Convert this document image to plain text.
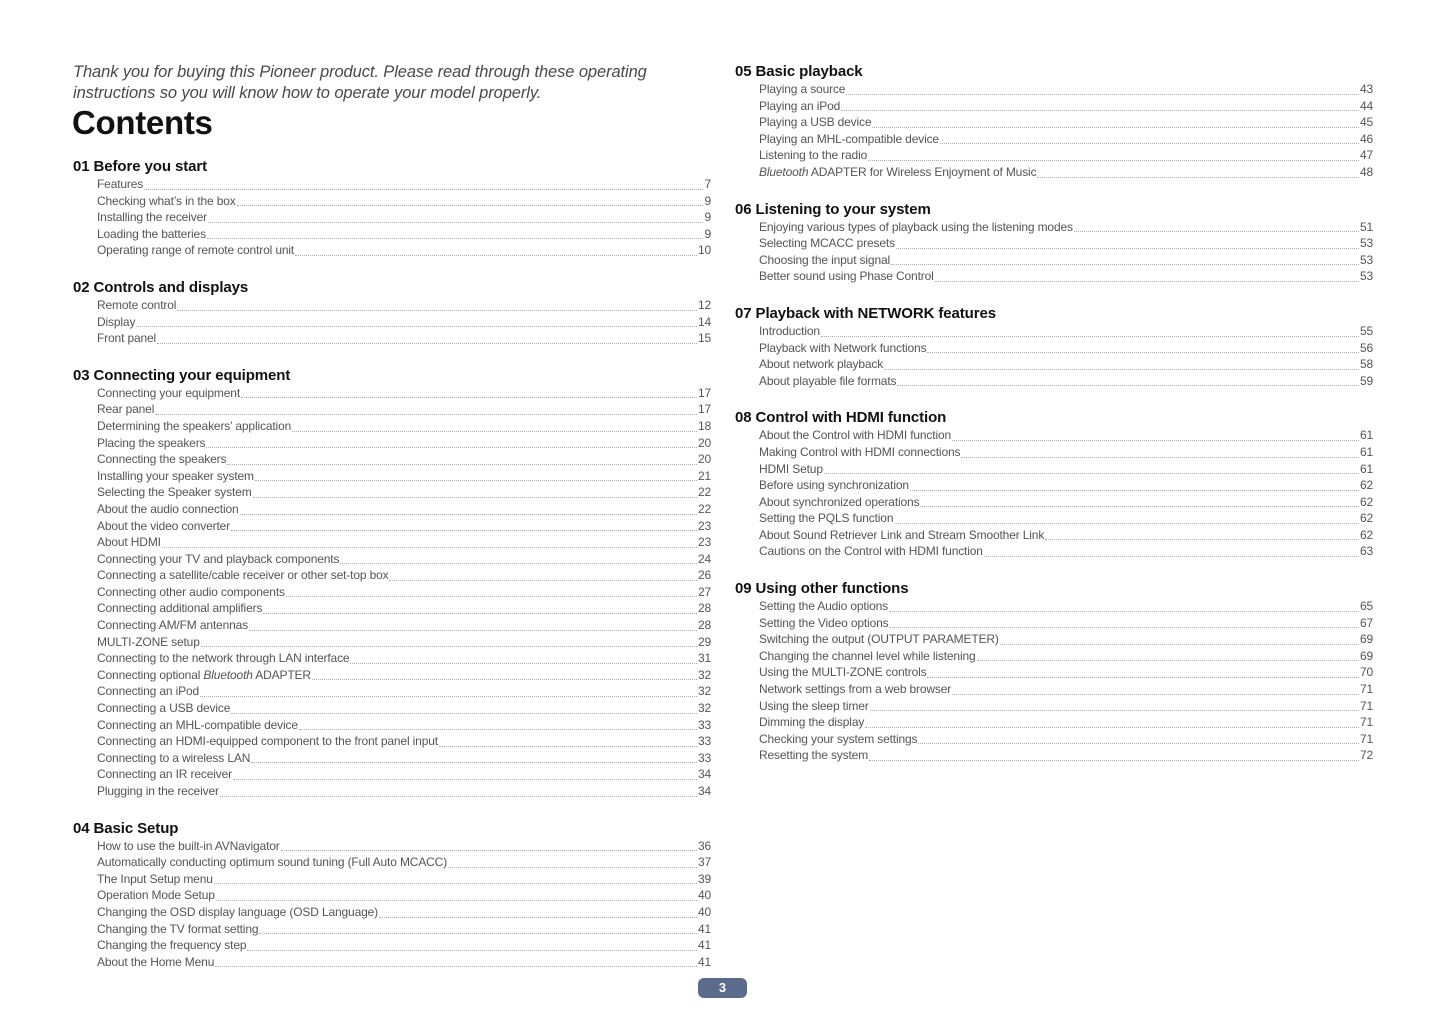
Thank you for buying this Pioneer product. Please read through these operating instructions so you will know how to operate your model properly.
Contents
01 Before you start
Features	7
Checking what’s in the box	9
Installing the receiver	9
Loading the batteries	9
Operating range of remote control unit	10
02 Controls and displays
Remote control	12
Display	14
Front panel	15
03 Connecting your equipment
Connecting your equipment	17
Rear panel	17
Determining the speakers’ application	18
Placing the speakers	20
Connecting the speakers	20
Installing your speaker system	21
Selecting the Speaker system	22
About the audio connection	22
About the video converter	23
About HDMI	23
Connecting your TV and playback components	24
Connecting a satellite/cable receiver or other set-top box	26
Connecting other audio components	27
Connecting additional amplifiers	28
Connecting AM/FM antennas	28
MULTI-ZONE setup	29
Connecting to the network through LAN interface	31
Connecting optional Bluetooth ADAPTER	32
Connecting an iPod	32
Connecting a USB device	32
Connecting an MHL-compatible device	33
Connecting an HDMI-equipped component to the front panel input	33
Connecting to a wireless LAN	33
Connecting an IR receiver	34
Plugging in the receiver	34
04 Basic Setup
How to use the built-in AVNavigator	36
Automatically conducting optimum sound tuning (Full Auto MCACC)	37
The Input Setup menu	39
Operation Mode Setup	40
Changing the OSD display language (OSD Language)	40
Changing the TV format setting	41
Changing the frequency step	41
About the Home Menu	41
05 Basic playback
Playing a source	43
Playing an iPod	44
Playing a USB device	45
Playing an MHL-compatible device	46
Listening to the radio	47
Bluetooth ADAPTER for Wireless Enjoyment of Music	48
06 Listening to your system
Enjoying various types of playback using the listening modes	51
Selecting MCACC presets	53
Choosing the input signal	53
Better sound using Phase Control	53
07 Playback with NETWORK features
Introduction	55
Playback with Network functions	56
About network playback	58
About playable file formats	59
08 Control with HDMI function
About the Control with HDMI function	61
Making Control with HDMI connections	61
HDMI Setup	61
Before using synchronization	62
About synchronized operations	62
Setting the PQLS function	62
About Sound Retriever Link and Stream Smoother Link	62
Cautions on the Control with HDMI function	63
09 Using other functions
Setting the Audio options	65
Setting the Video options	67
Switching the output (OUTPUT PARAMETER)	69
Changing the channel level while listening	69
Using the MULTI-ZONE controls	70
Network settings from a web browser	71
Using the sleep timer	71
Dimming the display	71
Checking your system settings	71
Resetting the system	72
3
